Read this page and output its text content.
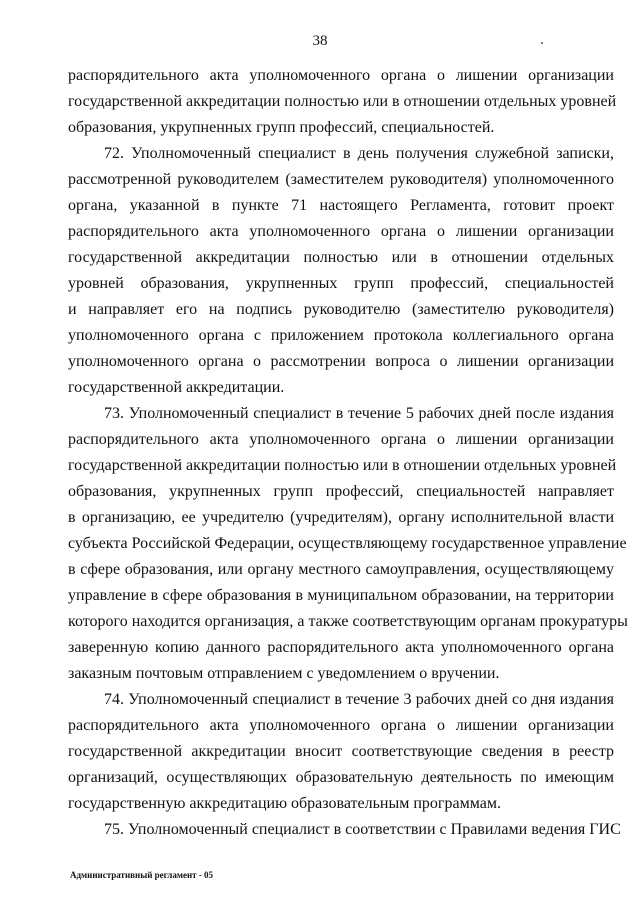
38
распорядительного акта уполномоченного органа о лишении организации
государственной аккредитации полностью или в отношении отдельных уровней
образования, укрупненных групп профессий, специальностей.
72. Уполномоченный специалист в день получения служебной записки,
рассмотренной руководителем (заместителем руководителя) уполномоченного
органа, указанной в пункте 71 настоящего Регламента, готовит проект
распорядительного акта уполномоченного органа о лишении организации
государственной аккредитации полностью или в отношении отдельных
уровней образования, укрупненных групп профессий, специальностей
и направляет его на подпись руководителю (заместителю руководителя)
уполномоченного органа с приложением протокола коллегиального органа
уполномоченного органа о рассмотрении вопроса о лишении организации
государственной аккредитации.
73. Уполномоченный специалист в течение 5 рабочих дней после издания
распорядительного акта уполномоченного органа о лишении организации
государственной аккредитации полностью или в отношении отдельных уровней
образования, укрупненных групп профессий, специальностей направляет
в организацию, ее учредителю (учредителям), органу исполнительной власти
субъекта Российской Федерации, осуществляющему государственное управление
в сфере образования, или органу местного самоуправления, осуществляющему
управление в сфере образования в муниципальном образовании, на территории
которого находится организация, а также соответствующим органам прокуратуры
заверенную копию данного распорядительного акта уполномоченного органа
заказным почтовым отправлением с уведомлением о вручении.
74. Уполномоченный специалист в течение 3 рабочих дней со дня издания
распорядительного акта уполномоченного органа о лишении организации
государственной аккредитации вносит соответствующие сведения в реестр
организаций, осуществляющих образовательную деятельность по имеющим
государственную аккредитацию образовательным программам.
75. Уполномоченный специалист в соответствии с Правилами ведения ГИС
Административный регламент - 05
